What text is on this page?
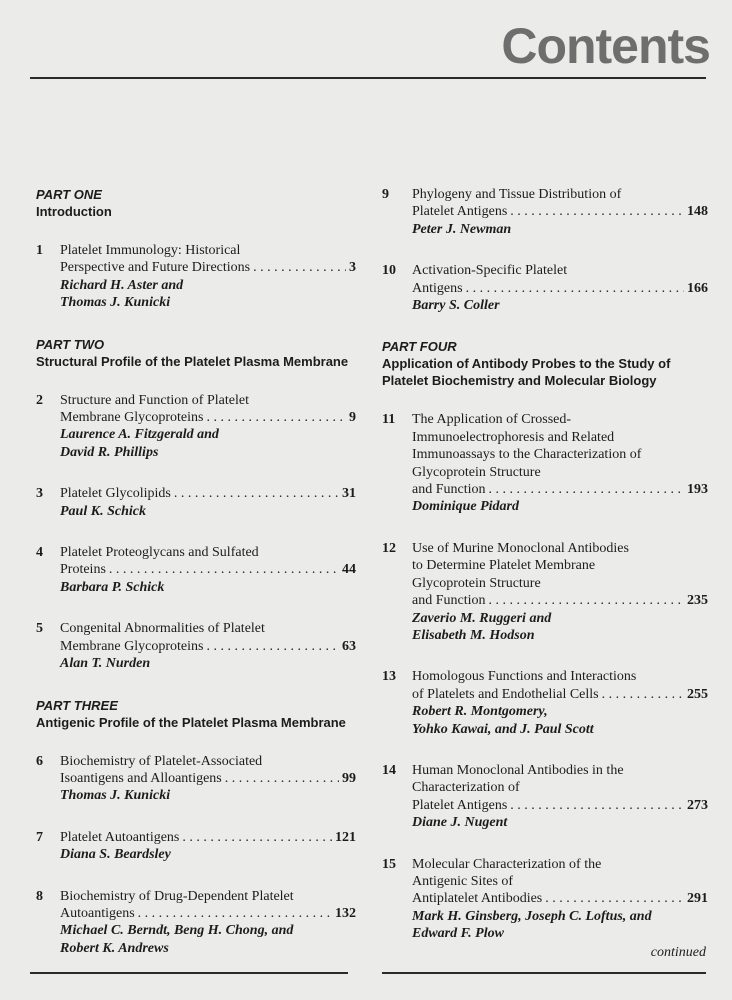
Contents
PART ONE
Introduction
1 Platelet Immunology: Historical
Perspective and Future Directions . . .	3
Richard H. Aster and
Thomas J. Kunicki
PART TWO
Structural Profile of the Platelet Plasma Membrane
2 Structure and Function of Platelet
Membrane Glycoproteins . . .	9
Laurence A. Fitzgerald and
David R. Phillips
3 Platelet Glycolipids . . .	31
Paul K. Schick
4 Platelet Proteoglycans and Sulfated
Proteins . . .	44
Barbara P. Schick
5 Congenital Abnormalities of Platelet
Membrane Glycoproteins . . .	63
Alan T. Nurden
PART THREE
Antigenic Profile of the Platelet Plasma Membrane
6 Biochemistry of Platelet-Associated
Isoantigens and Alloantigens . . .	99
Thomas J. Kunicki
7 Platelet Autoantigens . . .	121
Diana S. Beardsley
8 Biochemistry of Drug-Dependent Platelet
Autoantigens . . .	132
Michael C. Berndt, Beng H. Chong, and
Robert K. Andrews
9 Phylogeny and Tissue Distribution of
Platelet Antigens . . .	148
Peter J. Newman
10 Activation-Specific Platelet
Antigens . . .	166
Barry S. Coller
PART FOUR
Application of Antibody Probes to the Study of Platelet Biochemistry and Molecular Biology
11 The Application of Crossed-
Immunoelectrophoresis and Related
Immunoassays to the Characterization of
Glycoprotein Structure
and Function . . .	193
Dominique Pidard
12 Use of Murine Monoclonal Antibodies
to Determine Platelet Membrane
Glycoprotein Structure
and Function . . .	235
Zaverio M. Ruggeri and
Elisabeth M. Hodson
13 Homologous Functions and Interactions
of Platelets and Endothelial Cells . . .	255
Robert R. Montgomery,
Yohko Kawai, and J. Paul Scott
14 Human Monoclonal Antibodies in the
Characterization of
Platelet Antigens . . .	273
Diane J. Nugent
15 Molecular Characterization of the
Antigenic Sites of
Antiplatelet Antibodies . . .	291
Mark H. Ginsberg, Joseph C. Loftus, and
Edward F. Plow
continued
